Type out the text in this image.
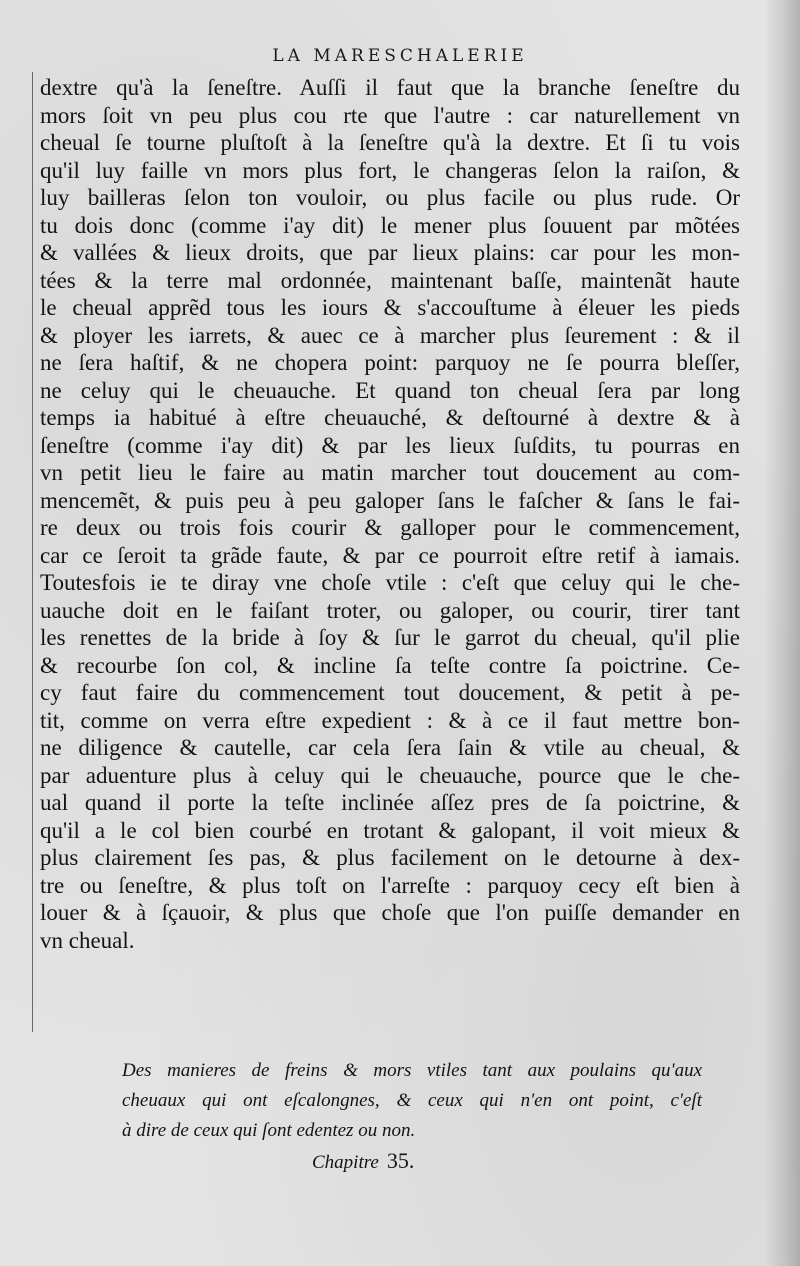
LA MARESCHALERIE
dextre qu'à la ſeneſtre. Auſſi il faut que la branche ſeneſtre du
mors ſoit vn peu plus cou rte que l'autre : car naturellement vn
cheual ſe tourne pluſtoſt à la ſeneſtre qu'à la dextre. Et ſi tu vois
qu'il luy faille vn mors plus fort, le changeras ſelon la raiſon, &
luy bailleras ſelon ton vouloir, ou plus facile ou plus rude. Or
tu dois donc (comme i'ay dit) le mener plus ſouuent par mõtées
& vallées & lieux droits, que par lieux plains: car pour les mon-
tées & la terre mal ordonnée, maintenant baſſe, maintenãt haute
le cheual apprẽd tous les iours & s'accouſtume à éleuer les pieds
& ployer les iarrets, & auec ce à marcher plus ſeurement : & il
ne ſera haſtif, & ne chopera point: parquoy ne ſe pourra bleſſer,
ne celuy qui le cheuauche. Et quand ton cheual ſera par long
temps ia habitué à eſtre cheuauché, & deſtourné à dextre & à
ſeneſtre (comme i'ay dit) & par les lieux ſuſdits, tu pourras en
vn petit lieu le faire au matin marcher tout doucement au com-
mencemẽt, & puis peu à peu galoper ſans le faſcher & ſans le fai-
re deux ou trois fois courir & galloper pour le commencement,
car ce ſeroit ta grãde faute, & par ce pourroit eſtre retif à iamais.
Toutesfois ie te diray vne choſe vtile : c'eſt que celuy qui le che-
uauche doit en le faiſant troter, ou galoper, ou courir, tirer tant
les renettes de la bride à ſoy & ſur le garrot du cheual, qu'il plie
& recourbe ſon col, & incline ſa teſte contre ſa poictrine. Ce-
cy faut faire du commencement tout doucement, & petit à pe-
tit, comme on verra eſtre expedient : & à ce il faut mettre bon-
ne diligence & cautelle, car cela ſera ſain & vtile au cheual, &
par aduenture plus à celuy qui le cheuauche, pource que le che-
ual quand il porte la teſte inclinée aſſez pres de ſa poictrine, &
qu'il a le col bien courbé en trotant & galopant, il voit mieux &
plus clairement ſes pas, & plus facilement on le detourne à dex-
tre ou ſeneſtre, & plus toſt on l'arreſte : parquoy cecy eſt bien à
louer & à ſçauoir, & plus que choſe que l'on puiſſe demander en
vn cheual.
Des manieres de freins & mors vtiles tant aux poulains qu'aux
cheuaux qui ont eſcalongnes, & ceux qui n'en ont point, c'eſt
à dire de ceux qui ſont edentez ou non.
Chapitre 35.
